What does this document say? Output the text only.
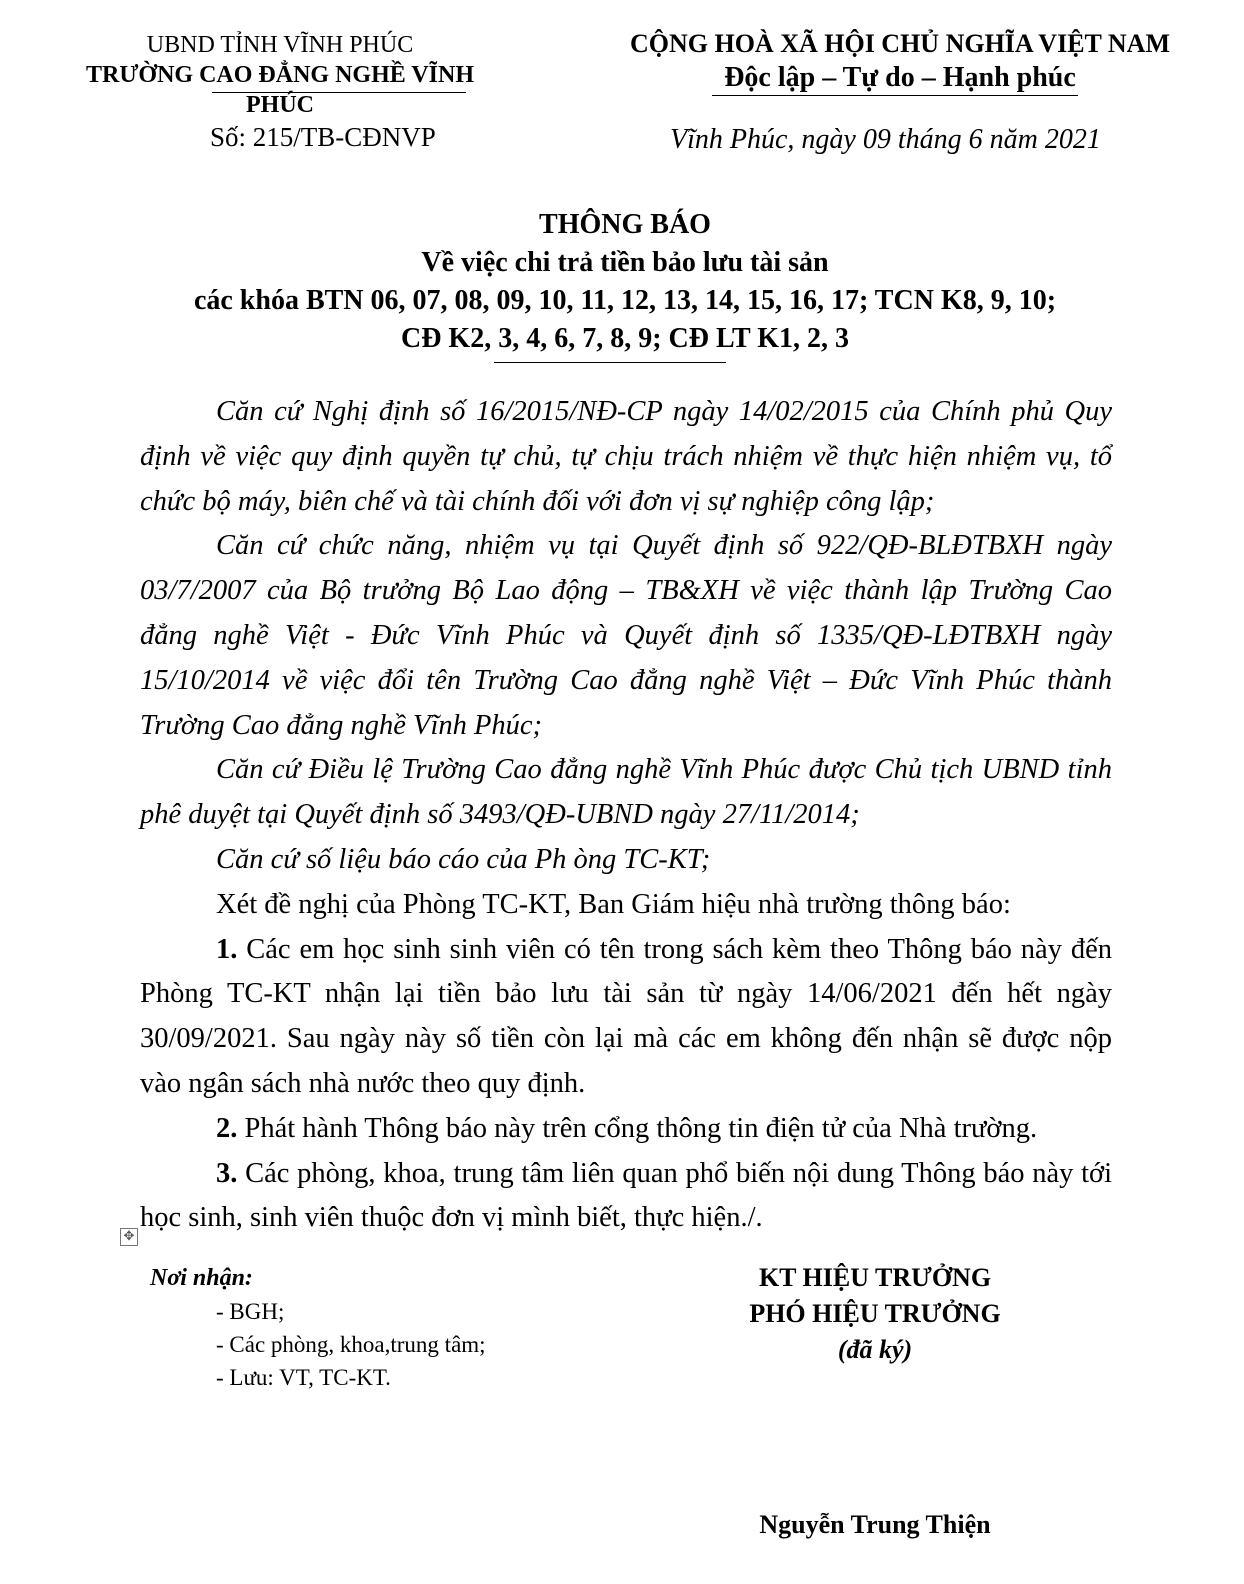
UBND TỈNH VĨNH PHÚC
TRƯỜNG CAO ĐẲNG NGHỀ VĨNH PHÚC
CỘNG HOÀ XÃ HỘI CHỦ NGHĨA VIỆT NAM
Độc lập – Tự do – Hạnh phúc
Số: 215/TB-CĐNVP	Vĩnh Phúc, ngày 09 tháng 6 năm 2021
THÔNG BÁO
Về việc chi trả tiền bảo lưu tài sản
các khóa BTN 06, 07, 08, 09, 10, 11, 12, 13, 14, 15, 16, 17; TCN K8, 9, 10;
CĐ K2, 3, 4, 6, 7, 8, 9; CĐ LT K1, 2, 3

Căn cứ Nghị định số 16/2015/NĐ-CP ngày 14/02/2015 của Chính phủ Quy định về việc quy định quyền tự chủ, tự chịu trách nhiệm về thực hiện nhiệm vụ, tổ chức bộ máy, biên chế và tài chính đối với đơn vị sự nghiệp công lập;

Căn cứ chức năng, nhiệm vụ tại Quyết định số 922/QĐ-BLĐTBXH ngày 03/7/2007 của Bộ trưởng Bộ Lao động – TB&XH về việc thành lập Trường Cao đẳng nghề Việt - Đức Vĩnh Phúc và Quyết định số 1335/QĐ-LĐTBXH ngày 15/10/2014 về việc đổi tên Trường Cao đẳng nghề Việt – Đức Vĩnh Phúc thành Trường Cao đẳng nghề Vĩnh Phúc;

Căn cứ Điều lệ Trường Cao đẳng nghề Vĩnh Phúc được Chủ tịch UBND tỉnh phê duyệt tại Quyết định số 3493/QĐ-UBND ngày 27/11/2014;

Căn cứ số liệu báo cáo của Ph òng TC-KT;

Xét đề nghị của Phòng TC-KT, Ban Giám hiệu nhà trường thông báo:

1. Các em học sinh sinh viên có tên trong sách kèm theo Thông báo này đến Phòng TC-KT nhận lại tiền bảo lưu tài sản từ ngày 14/06/2021 đến hết ngày 30/09/2021. Sau ngày này số tiền còn lại mà các em không đến nhận sẽ được nộp vào ngân sách nhà nước theo quy định.

2. Phát hành Thông báo này trên cổng thông tin điện tử của Nhà trường.

3. Các phòng, khoa, trung tâm liên quan phổ biến nội dung Thông báo này tới học sinh, sinh viên thuộc đơn vị mình biết, thực hiện./.

✥
Nơi nhận:
- BGH;
- Các phòng, khoa,trung tâm;
- Lưu: VT, TC-KT.
KT HIỆU TRƯỞNG
PHÓ HIỆU TRƯỞNG
(đã ký)
Nguyễn Trung Thiện
